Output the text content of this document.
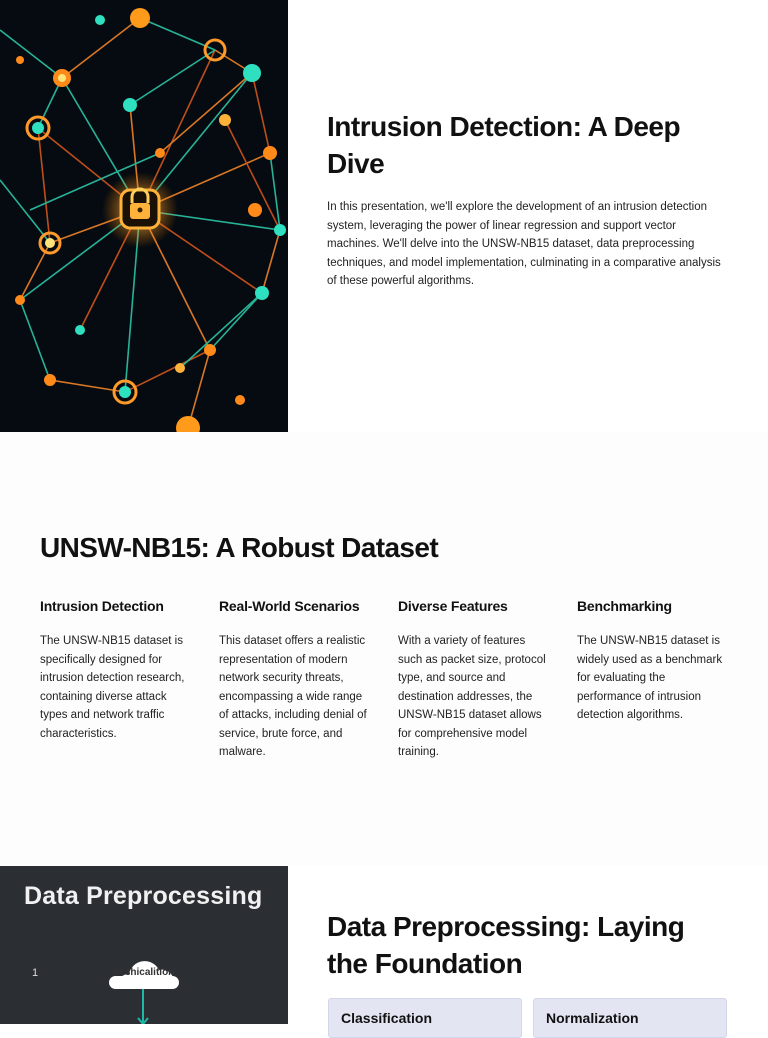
Intrusion Detection: A Deep Dive
In this presentation, we'll explore the development of an intrusion detection system, leveraging the power of linear regression and support vector machines. We'll delve into the UNSW-NB15 dataset, data preprocessing techniques, and model implementation, culminating in a comparative analysis of these powerful algorithms.
UNSW-NB15: A Robust Dataset
Intrusion Detection

The UNSW-NB15 dataset is specifically designed for intrusion detection research, containing diverse attack types and network traffic characteristics.

Real-World Scenarios

This dataset offers a realistic representation of modern network security threats, encompassing a wide range of attacks, including denial of service, brute force, and malware.

Diverse Features

With a variety of features such as packet size, protocol type, and source and destination addresses, the UNSW-NB15 dataset allows for comprehensive model training.

Benchmarking

The UNSW-NB15 dataset is widely used as a benchmark for evaluating the performance of intrusion detection algorithms.

Data Preprocessing
1	ceshicalition
Data Preprocessing: Laying the Foundation
Classification	Normalization
